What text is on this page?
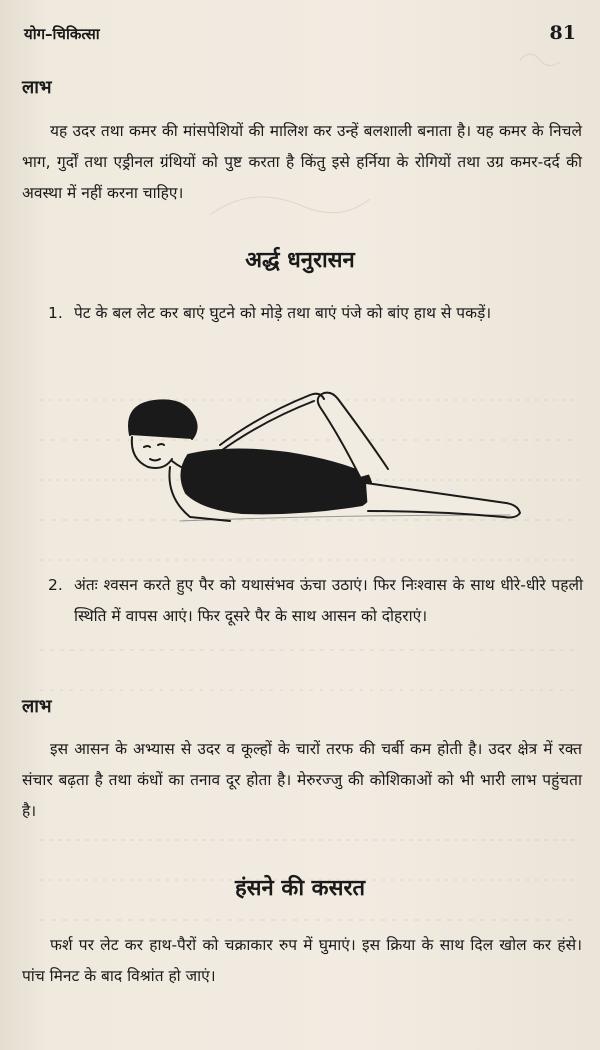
योग–चिकित्सा	81
लाभ
यह उदर तथा कमर की मांसपेशियों की मालिश कर उन्हें बलशाली बनाता है। यह कमर के निचले भाग, गुर्दों तथा एड्रीनल ग्रंथियों को पुष्ट करता है किंतु इसे हर्निया के रोगियों तथा उग्र कमर-दर्द की अवस्था में नहीं करना चाहिए।
अर्द्ध धनुरासन
1. पेट के बल लेट कर बाएं घुटने को मोड़े तथा बाएं पंजे को बांए हाथ से पकड़ें।
2. अंतः श्वसन करते हुए पैर को यथासंभव ऊंचा उठाएं। फिर निःश्वास के साथ धीरे-धीरे पहली स्थिति में वापस आएं। फिर दूसरे पैर के साथ आसन को दोहराएं।
लाभ
इस आसन के अभ्यास से उदर व कूल्हों के चारों तरफ की चर्बी कम होती है। उदर क्षेत्र में रक्त संचार बढ़ता है तथा कंधों का तनाव दूर होता है। मेरुरज्जु की कोशिकाओं को भी भारी लाभ पहुंचता है।
हंसने की कसरत
फर्श पर लेट कर हाथ-पैरों को चक्राकार रुप में घुमाएं। इस क्रिया के साथ दिल खोल कर हंसे। पांच मिनट के बाद विश्रांत हो जाएं।
